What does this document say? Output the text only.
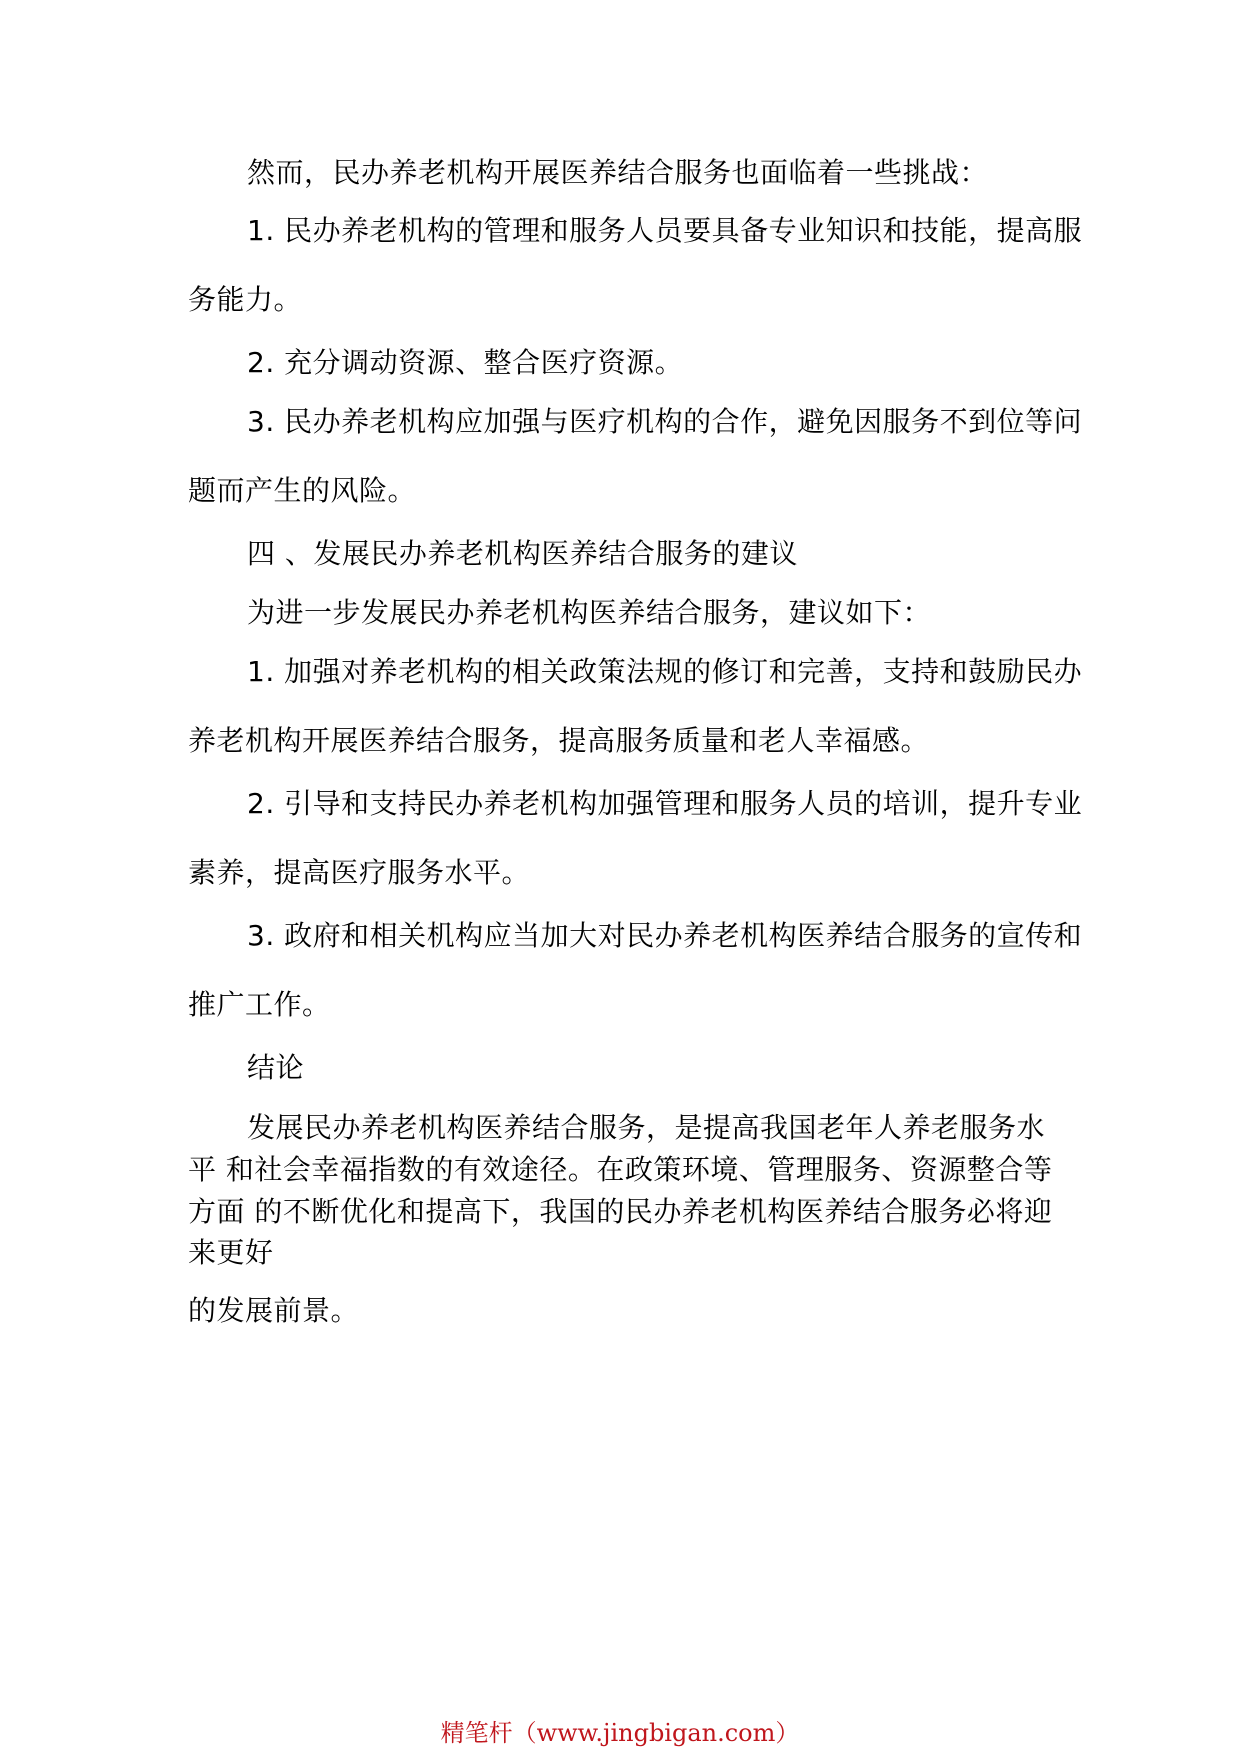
然而，民办养老机构开展医养结合服务也面临着一些挑战：
1. 民办养老机构的管理和服务人员要具备专业知识和技能，提高服
务能力。
2. 充分调动资源、整合医疗资源。
3. 民办养老机构应加强与医疗机构的合作，避免因服务不到位等问
题而产生的风险。
四 、发展民办养老机构医养结合服务的建议
为进一步发展民办养老机构医养结合服务，建议如下：
1. 加强对养老机构的相关政策法规的修订和完善，支持和鼓励民办
养老机构开展医养结合服务，提高服务质量和老人幸福感。
2. 引导和支持民办养老机构加强管理和服务人员的培训，提升专业
素养，提高医疗服务水平。
3. 政府和相关机构应当加大对民办养老机构医养结合服务的宣传和
推广工作。
结论
发展民办养老机构医养结合服务，是提高我国老年人养老服务水
平 和社会幸福指数的有效途径。在政策环境、管理服务、资源整合等
方面 的不断优化和提高下，我国的民办养老机构医养结合服务必将迎
来更好
的发展前景。
精笔杆（www.jingbigan.com）
